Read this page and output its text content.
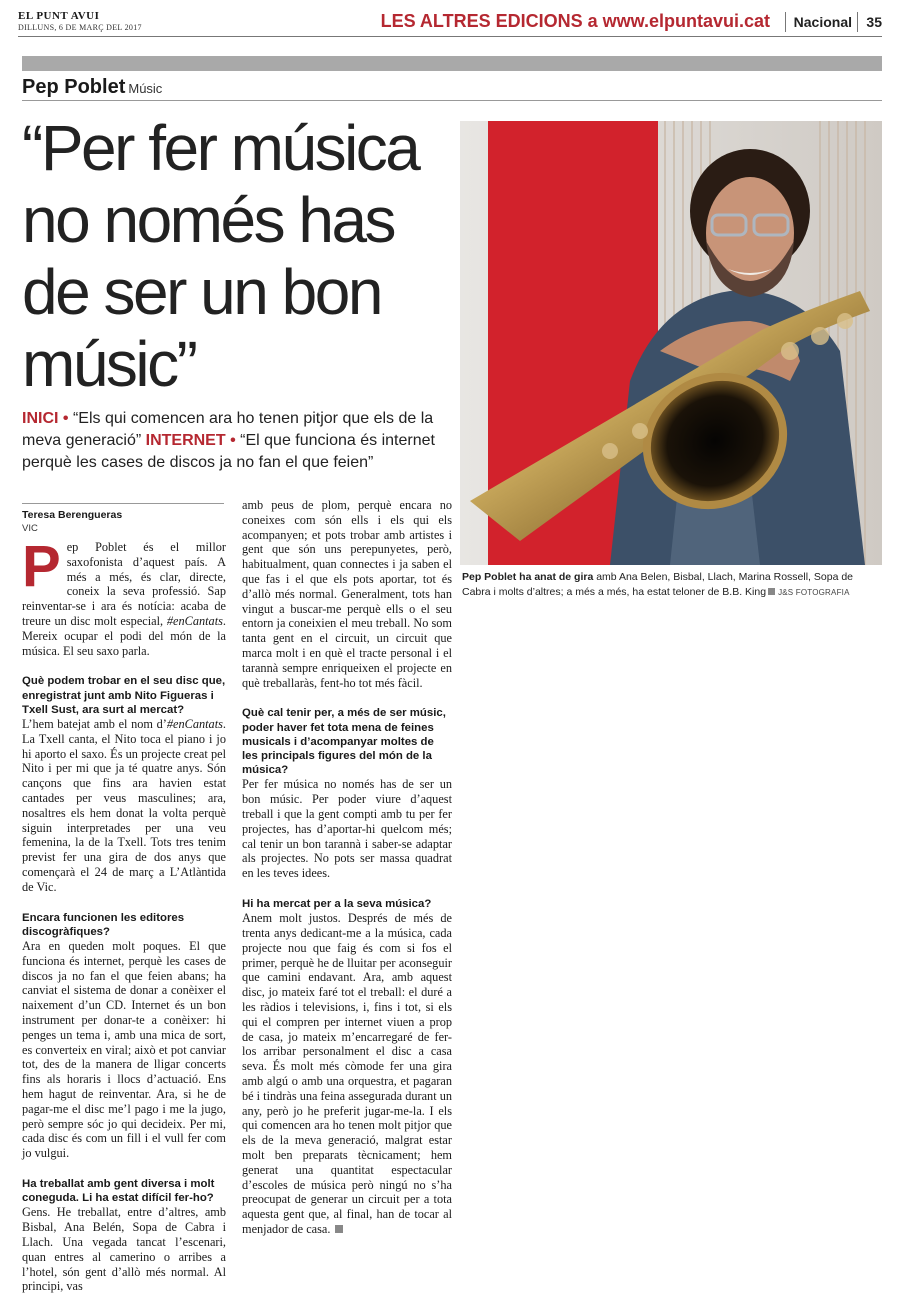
EL PUNT AVUI
DILLUNS, 6 DE MARÇ DEL 2017	LES ALTRES EDICIONS a www.elpuntavui.cat	Nacional	35
Pep Poblet Músic
“Per fer música no només has de ser un bon músic”
INICI • “Els qui comencen ara ho tenen pitjor que els de la meva generació” INTERNET • “El que funciona és internet perquè les cases de discos ja no fan el que feien”
Pep Poblet ha anat de gira amb Ana Belen, Bisbal, Llach, Marina Rossell, Sopa de Cabra i molts d’altres; a més a més, ha estat teloner de B.B. King J&S FOTOGRAFIA
Teresa Berengueras
VIC

Pep Poblet és el millor saxofonista d’aquest país. A més a més, és clar, directe, coneix la seva professió. Sap reinventar-se i ara és notícia: acaba de treure un disc molt especial, #enCantats. Mereix ocupar el podi del món de la música. El seu saxo parla.

Què podem trobar en el seu disc que, enregistrat junt amb Nito Figueras i Txell Sust, ara surt al mercat?

L’hem batejat amb el nom d’#enCantats. La Txell canta, el Nito toca el piano i jo hi aporto el saxo. És un projecte creat pel Nito i per mi que ja té quatre anys. Són cançons que fins ara havien estat cantades per veus masculines; ara, nosaltres els hem donat la volta perquè siguin interpretades per una veu femenina, la de la Txell. Tots tres tenim previst fer una gira de dos anys que començarà el 24 de març a L’Atlàntida de Vic.

Encara funcionen les editores discogràfiques?

Ara en queden molt poques. El que funciona és internet, perquè les cases de discos ja no fan el que feien abans; ha canviat el sistema de donar a conèixer el naixement d’un CD. Internet és un bon instrument per donar-te a conèixer: hi penges un tema i, amb una mica de sort, es converteix en viral; això et pot canviar tot, des de la manera de lligar concerts fins als horaris i llocs d’actuació. Ens hem hagut de reinventar. Ara, si he de pagar-me el disc me’l pago i me la jugo, però sempre sóc jo qui decideix. Per mi, cada disc és com un fill i el vull fer com jo vulgui.

Ha treballat amb gent diversa i molt coneguda. Li ha estat difícil fer-ho?

Gens. He treballat, entre d’altres, amb Bisbal, Ana Belén, Sopa de Cabra i Llach. Una vegada tancat l’escenari, quan entres al camerino o arribes a l’hotel, són gent d’allò més normal. Al principi, vas

amb peus de plom, perquè encara no coneixes com són ells i els qui els acompanyen; et pots trobar amb artistes i gent que són uns perepunyetes, però, habitualment, quan connectes i ja saben el que fas i el que els pots aportar, tot és d’allò més normal. Generalment, tots han vingut a buscar-me perquè ells o el seu entorn ja coneixien el meu treball. No som tanta gent en el circuit, un circuit que marca molt i en què el tracte personal i el tarannà sempre enriqueixen el projecte en què treballaràs, fent-ho tot més fàcil.

Què cal tenir per, a més de ser músic, poder haver fet tota mena de feines musicals i d’acompanyar moltes de les principals figures del món de la música?

Per fer música no només has de ser un bon músic. Per poder viure d’aquest treball i que la gent compti amb tu per fer projectes, has d’aportar-hi quelcom més; cal tenir un bon tarannà i saber-se adaptar als projectes. No pots ser massa quadrat en les teves idees.

Hi ha mercat per a la seva música?

Anem molt justos. Després de més de trenta anys dedicant-me a la música, cada projecte nou que faig és com si fos el primer, perquè he de lluitar per aconseguir que camini endavant. Ara, amb aquest disc, jo mateix faré tot el treball: el duré a les ràdios i televisions, i, fins i tot, si els qui el compren per internet viuen a prop de casa, jo mateix m’encarregaré de fer-los arribar personalment el disc a casa seva. És molt més còmode fer una gira amb algú o amb una orquestra, et pagaran bé i tindràs una feina assegurada durant un any, però jo he preferit jugar-me-la. I els qui comencen ara ho tenen molt pitjor que els de la meva generació, malgrat estar molt ben preparats tècnicament; hem generat una quantitat espectacular d’escoles de música però ningú no s’ha preocupat de generar un circuit per a tota aquesta gent que, al final, han de tocar al menjador de casa.
